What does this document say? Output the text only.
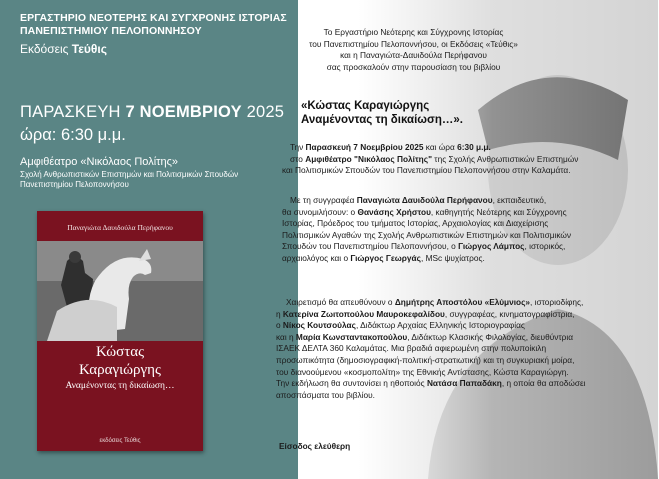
ΕΡΓΑΣΤΗΡΙΟ ΝΕΟΤΕΡΗΣ ΚΑΙ ΣΥΓΧΡΟΝΗΣ ΙΣΤΟΡΙΑΣ
ΠΑΝΕΠΙΣΤΗΜΙΟΥ ΠΕΛΟΠΟΝΝΗΣΟΥ
Εκδόσεις Τεύθις
ΠΑΡΑΣΚΕΥΗ 7 ΝΟΕΜΒΡΙΟΥ 2025
ώρα: 6:30 μ.μ.
Αμφιθέατρο «Νικόλαος Πολίτης»
Σχολή Ανθρωπιστικών Επιστημών και Πολιτισμικών Σπουδών
Πανεπιστημίου Πελοποννήσου
Παναγιώτα Δαυιδούλα Περήφανου
Κώστας
Καραγιώργης
Αναμένοντας τη δικαίωση…
εκδόσεις Τεύθις
Το Εργαστήριο Νεότερης και Σύγχρονης Ιστορίας
του Πανεπιστημίου Πελοποννήσου, οι Εκδόσεις «Τεύθις»
και η Παναγιώτα-Δαυιδούλα Περήφανου
σας προσκαλούν στην παρουσίαση του βιβλίου
«Κώστας Καραγιώργης
Αναμένοντας τη δικαίωση…».
Την Παρασκευή 7 Νοεμβρίου 2025 και ώρα 6:30 μ.μ.
στο Αμφιθέατρο "Νικόλαος Πολίτης" της Σχολής Ανθρωπιστικών Επιστημών
και Πολιτισμικών Σπουδών του Πανεπιστημίου Πελοποννήσου στην Καλαμάτα.
Με τη συγγραφέα Παναγιώτα Δαυιδούλα Περήφανου, εκπαιδευτικό,
θα συνομιλήσουν: ο Θανάσης Χρήστου, καθηγητής Νεότερης και Σύγχρονης
Ιστορίας, Πρόεδρος του τμήματος Ιστορίας, Αρχαιολογίας και Διαχείρισης
Πολιτισμικών Αγαθών της Σχολής Ανθρωπιστικών Επιστημών και Πολιτισμικών
Σπουδών του Πανεπιστημίου Πελοποννήσου, ο Γιώργος Λάμπος, ιστορικός,
αρχαιολόγος και ο Γιώργος Γεωργάς, MSc ψυχίατρος.
Χαιρετισμό θα απευθύνουν ο Δημήτρης Αποστόλου «Ελύμνιος», ιστοριοδίφης,
η Κατερίνα Ζωιτοπούλου Μαυροκεφαλίδου, συγγραφέας, κινηματογραφίστρια,
ο Νίκος Κουτσούλας, Διδάκτωρ Αρχαίας Ελληνικής Ιστοριογραφίας
και η Μαρία Κωνσταντακοπούλου, Διδάκτωρ Κλασικής Φιλολογίας, διευθύντρια
ΙΣΑΕΚ ΔΕΛΤΑ 360 Καλαμάτας. Μια βραδιά αφιερωμένη στην πολυποίκιλη
προσωπικότητα (δημοσιογραφική-πολιτική-στρατιωτική) και τη συγκυριακή μοίρα,
του διανοούμενου «κοσμοπολίτη» της Εθνικής Αντίστασης, Κώστα Καραγιώργη.
Την εκδήλωση θα συντονίσει η ηθοποιός Νατάσα Παπαδάκη, η οποία θα αποδώσει
αποσπάσματα του βιβλίου.
Είσοδος ελεύθερη
